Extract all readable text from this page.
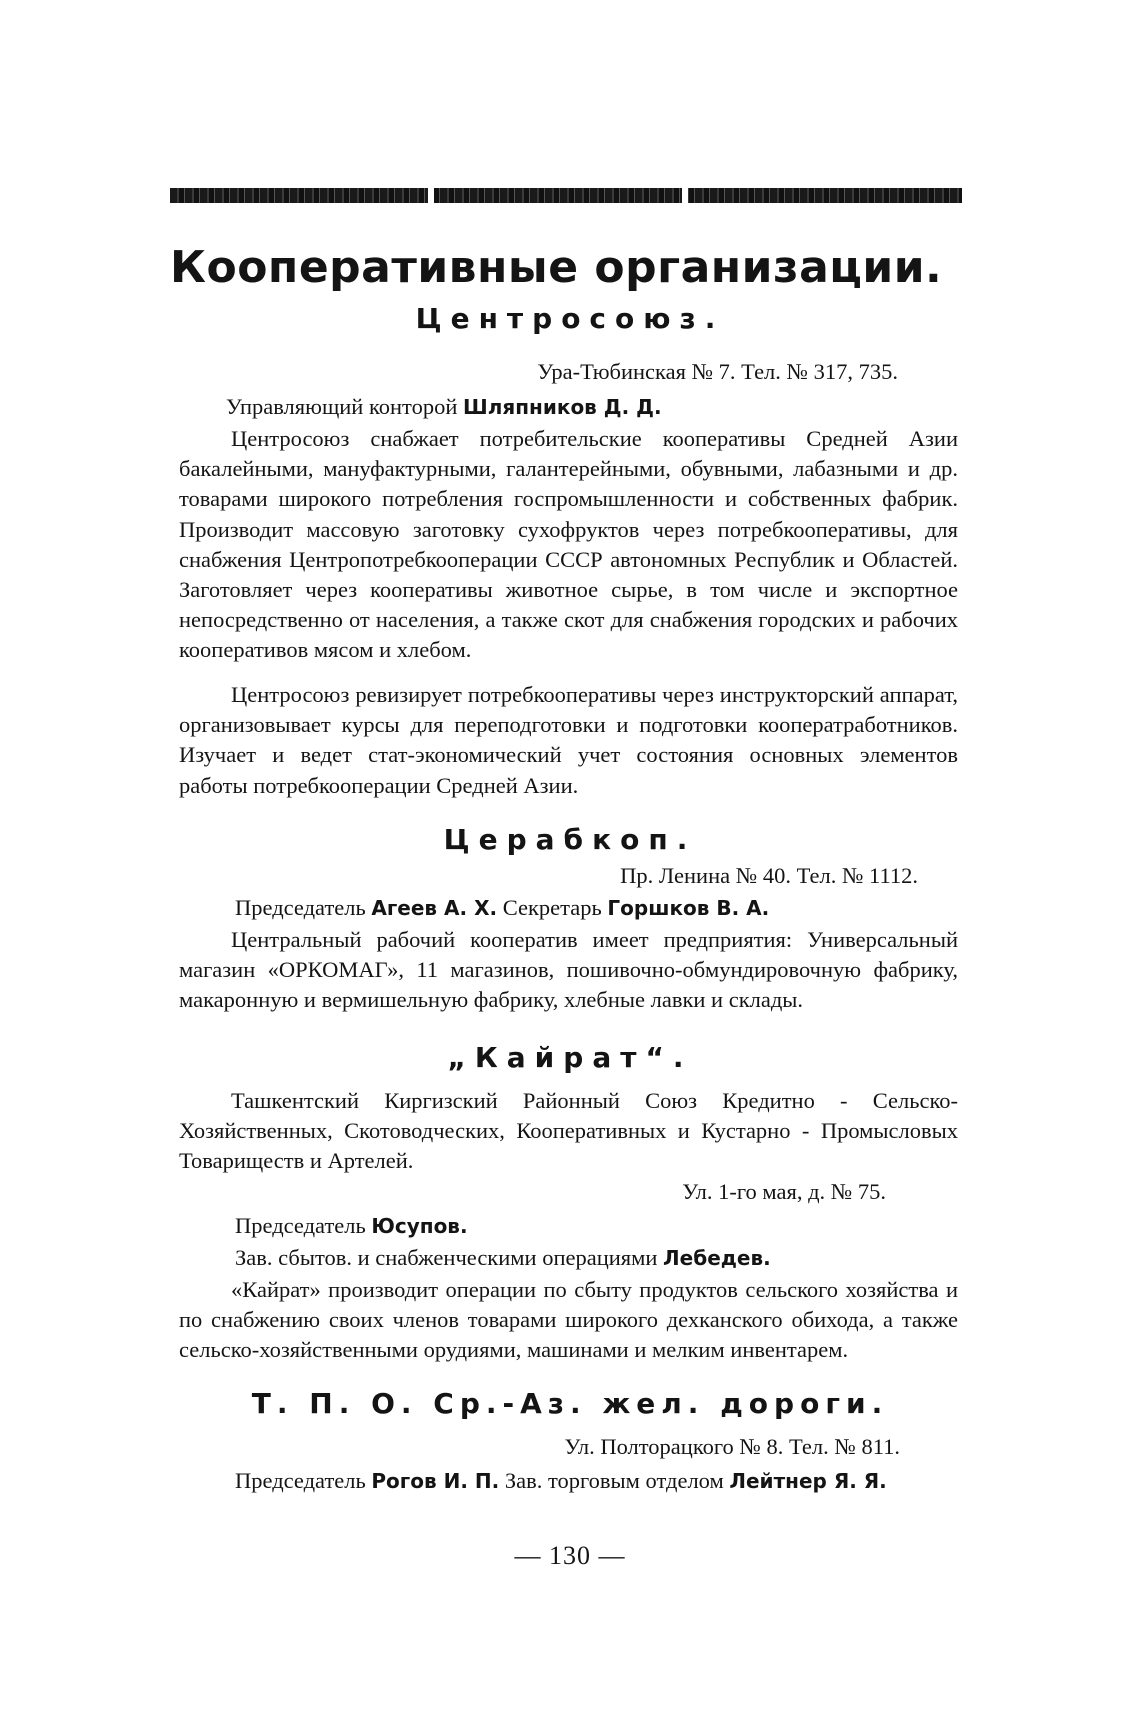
Кооперативные организации.
Центросоюз.
Ура-Тюбинская № 7. Тел. № 317, 735.
Управляющий конторой Шляпников Д. Д.
Центросоюз снабжает потребительские кооперативы Средней Азии бакалейными, мануфактурными, галантерейными, обувными, лабазными и др. товарами широкого потребления госпромышленности и собственных фабрик. Производит массовую заготовку сухофруктов через потребкооперативы, для снабжения Центропотребкооперации СССР автономных Республик и Областей. Заготовляет через кооперативы животное сырье, в том числе и экспортное непосредственно от населения, а также скот для снабжения городских и рабочих кооперативов мясом и хлебом.
Центросоюз ревизирует потребкооперативы через инструкторский аппарат, организовывает курсы для переподготовки и подготовки кооператработников. Изучает и ведет стат-экономический учет состояния основных элементов работы потребкооперации Средней Азии.
Церабкоп.
Пр. Ленина № 40. Тел. № 1112.
Председатель Агеев А. Х. Секретарь Горшков В. А.
Центральный рабочий кооператив имеет предприятия: Универсальный магазин «ОРКОМАГ», 11 магазинов, пошивочно-обмундировочную фабрику, макаронную и вермишельную фабрику, хлебные лавки и склады.
„Кайрат“.
Ташкентский Киргизский Районный Союз Кредитно - Сельско-Хозяйственных, Скотоводческих, Кооперативных и Кустарно - Промысловых Товариществ и Артелей.
Ул. 1-го мая, д. № 75.
Председатель Юсупов.
Зав. сбытов. и снабженческими операциями Лебедев.
«Кайрат» производит операции по сбыту продуктов сельского хозяйства и по снабжению своих членов товарами широкого дехканского обихода, а также сельско-хозяйственными орудиями, машинами и мелким инвентарем.
Т. П. О. Ср.-Аз. жел. дороги.
Ул. Полторацкого № 8. Тел. № 811.
Председатель Рогов И. П. Зав. торговым отделом Лейтнер Я. Я.
— 130 —
